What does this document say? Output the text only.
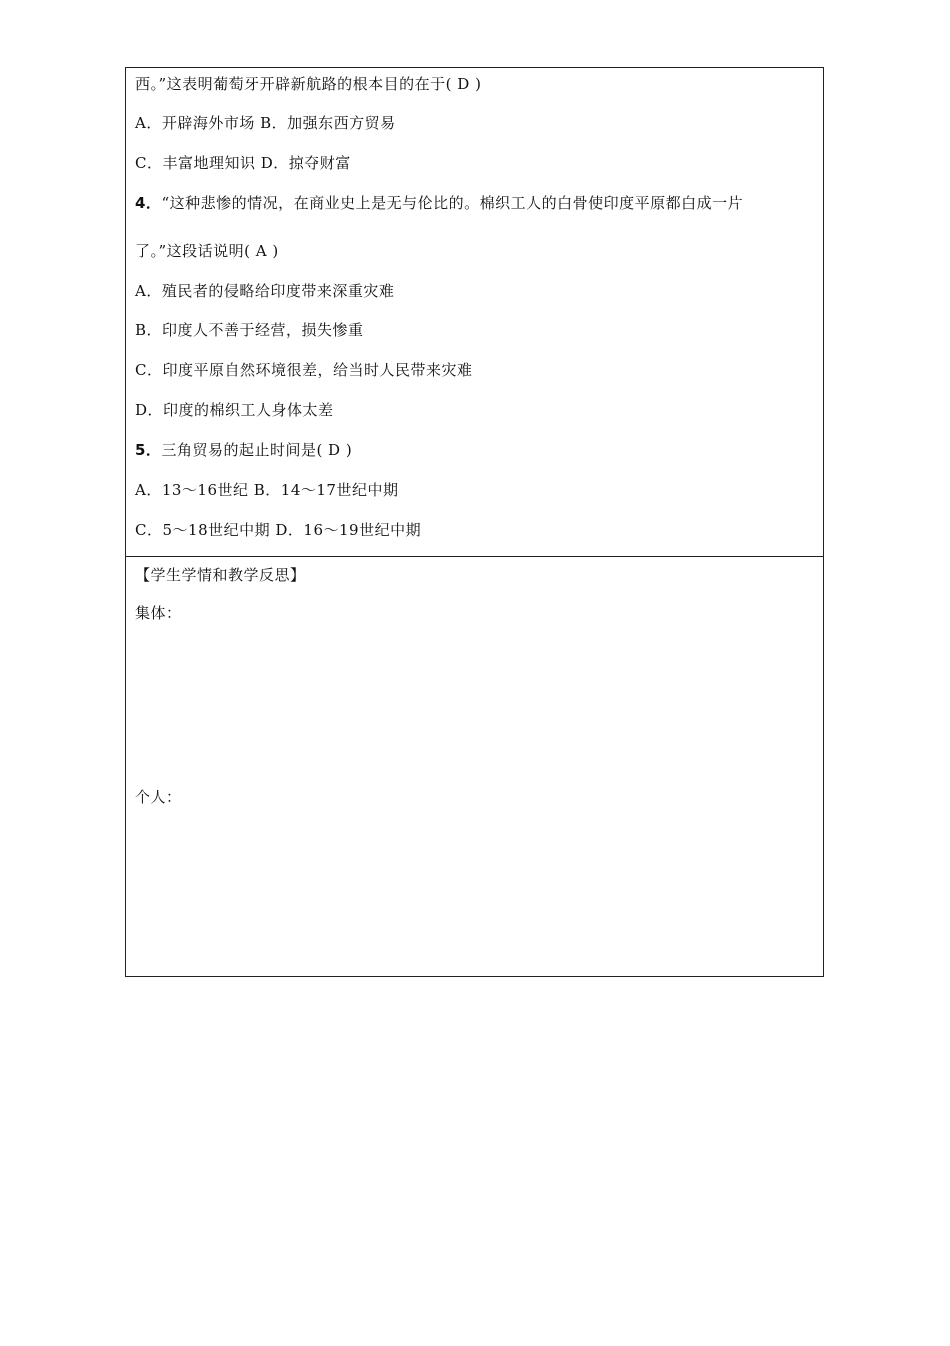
西。”这表明葡萄牙开辟新航路的根本目的在于( D )
A．开辟海外市场 B．加强东西方贸易
C．丰富地理知识 D．掠夺财富
4．“这种悲惨的情况，在商业史上是无与伦比的。棉织工人的白骨使印度平原都白成一片
了。”这段话说明( A )
A．殖民者的侵略给印度带来深重灾难
B．印度人不善于经营，损失惨重
C．印度平原自然环境很差，给当时人民带来灾难
D．印度的棉织工人身体太差
5．三角贸易的起止时间是( D )
A．13～16世纪 B．14～17世纪中期
C．5～18世纪中期 D．16～19世纪中期
【学生学情和教学反思】
集体：
个人：
